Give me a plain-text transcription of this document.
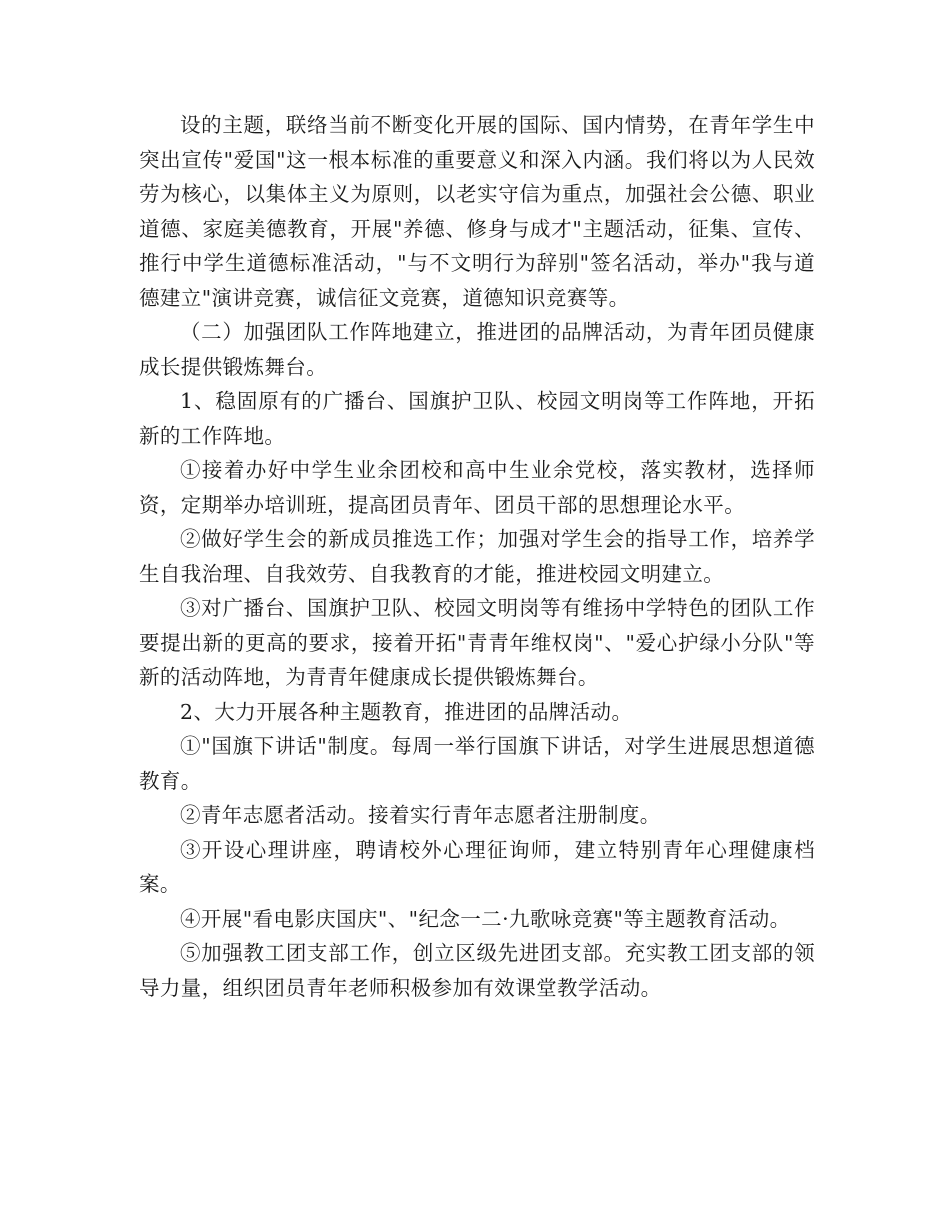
设的主题，联络当前不断变化开展的国际、国内情势，在青年学生中突出宣传"爱国"这一根本标准的重要意义和深入内涵。我们将以为人民效劳为核心，以集体主义为原则，以老实守信为重点，加强社会公德、职业道德、家庭美德教育，开展"养德、修身与成才"主题活动，征集、宣传、推行中学生道德标准活动，"与不文明行为辞别"签名活动，举办"我与道德建立"演讲竞赛，诚信征文竞赛，道德知识竞赛等。

（二）加强团队工作阵地建立，推进团的品牌活动，为青年团员健康成长提供锻炼舞台。

1、稳固原有的广播台、国旗护卫队、校园文明岗等工作阵地，开拓新的工作阵地。

①接着办好中学生业余团校和高中生业余党校，落实教材，选择师资，定期举办培训班，提高团员青年、团员干部的思想理论水平。

②做好学生会的新成员推选工作；加强对学生会的指导工作，培养学生自我治理、自我效劳、自我教育的才能，推进校园文明建立。

③对广播台、国旗护卫队、校园文明岗等有维扬中学特色的团队工作要提出新的更高的要求，接着开拓"青青年维权岗"、"爱心护绿小分队"等新的活动阵地，为青青年健康成长提供锻炼舞台。

2、大力开展各种主题教育，推进团的品牌活动。

①"国旗下讲话"制度。每周一举行国旗下讲话，对学生进展思想道德教育。

②青年志愿者活动。接着实行青年志愿者注册制度。

③开设心理讲座，聘请校外心理征询师，建立特别青年心理健康档案。

④开展"看电影庆国庆"、"纪念一二·九歌咏竞赛"等主题教育活动。

⑤加强教工团支部工作，创立区级先进团支部。充实教工团支部的领导力量，组织团员青年老师积极参加有效课堂教学活动。
